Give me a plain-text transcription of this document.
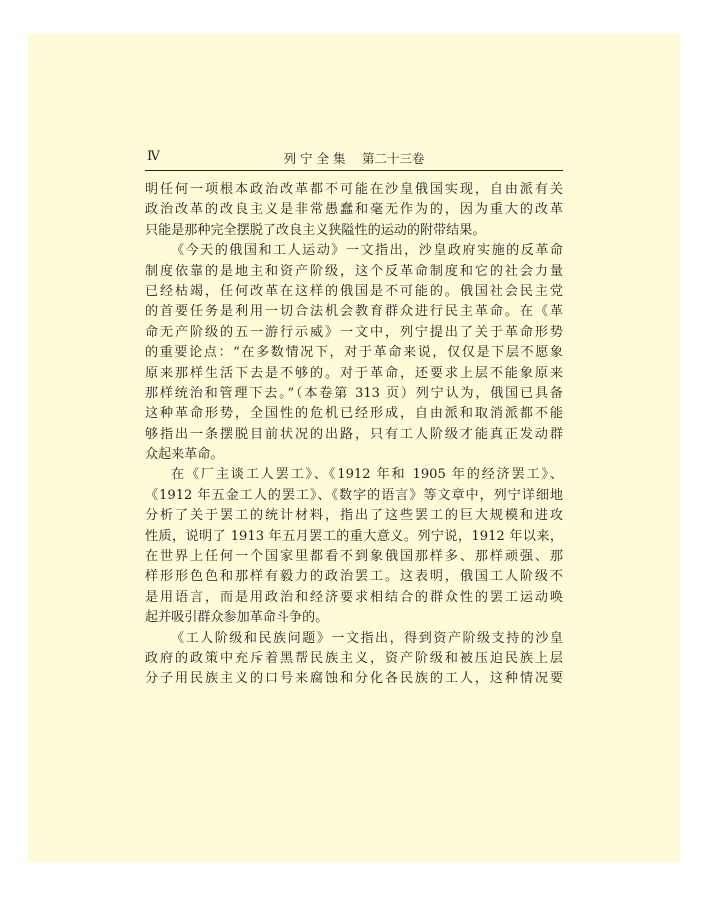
Ⅳ	列 宁 全 集　 第二十三卷
明任何一项根本政治改革都不可能在沙皇俄国实现，自由派有关
政治改革的改良主义是非常愚蠢和毫无作为的，因为重大的改革
只能是那种完全摆脱了改良主义狭隘性的运动的附带结果。
《今天的俄国和工人运动》一文指出，沙皇政府实施的反革命
制度依靠的是地主和资产阶级，这个反革命制度和它的社会力量
已经枯竭，任何改革在这样的俄国是不可能的。俄国社会民主党
的首要任务是利用一切合法机会教育群众进行民主革命。在《革
命无产阶级的五一游行示威》一文中，列宁提出了关于革命形势
的重要论点：“在多数情况下，对于革命来说，仅仅是下层不愿象
原来那样生活下去是不够的。对于革命，还要求上层不能象原来
那样统治和管理下去。”（本卷第 313 页）列宁认为，俄国已具备
这种革命形势，全国性的危机已经形成，自由派和取消派都不能
够指出一条摆脱目前状况的出路，只有工人阶级才能真正发动群
众起来革命。
在《厂主谈工人罢工》、《1912 年和 1905 年的经济罢工》、
《1912 年五金工人的罢工》、《数字的语言》等文章中，列宁详细地
分析了关于罢工的统计材料，指出了这些罢工的巨大规模和进攻
性质，说明了 1913 年五月罢工的重大意义。列宁说，1912 年以来，
在世界上任何一个国家里都看不到象俄国那样多、那样顽强、那
样形形色色和那样有毅力的政治罢工。这表明，俄国工人阶级不
是用语言，而是用政治和经济要求相结合的群众性的罢工运动唤
起并吸引群众参加革命斗争的。
《工人阶级和民族问题》一文指出，得到资产阶级支持的沙皇
政府的政策中充斥着黑帮民族主义，资产阶级和被压迫民族上层
分子用民族主义的口号来腐蚀和分化各民族的工人，这种情况要
